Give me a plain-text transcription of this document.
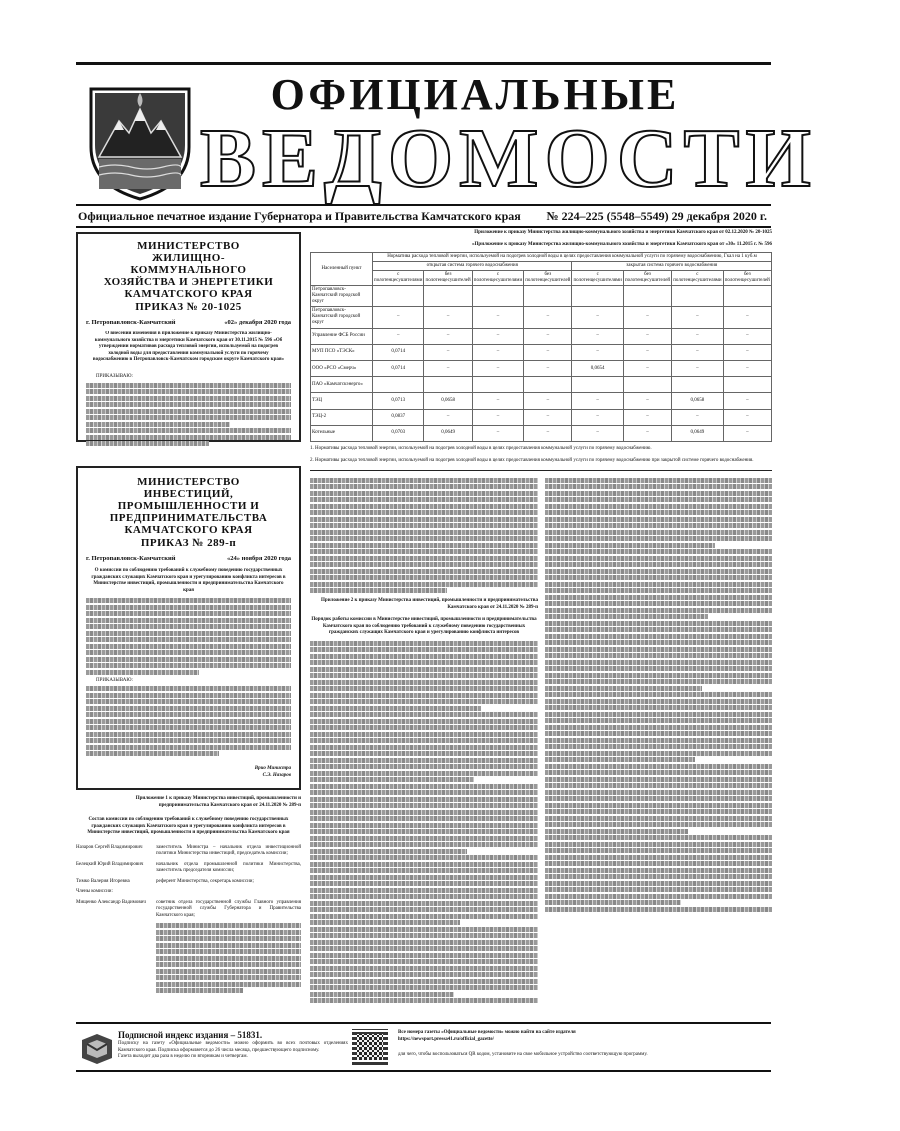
ОФИЦИАЛЬНЫЕ
ВЕДОМОСТИ
Официальное печатное издание Губернатора и Правительства Камчатского края № 224–225 (5548–5549) 29 декабря 2020 г.
МИНИСТЕРСТВО ЖИЛИЩНО-КОММУНАЛЬНОГО ХОЗЯЙСТВА И ЭНЕРГЕТИКИ КАМЧАТСКОГО КРАЯ
ПРИКАЗ № 20-1025
г. Петропавловск-Камчатский	«02» декабря 2020 года
О внесении изменения в приложение к приказу Министерства жилищно-коммунального хозяйства и энергетики Камчатского края от 30.11.2015 № 596 «Об утверждении нормативов расхода тепловой энергии, используемой на подогрев холодной воды для предоставления коммунальной услуги по горячему водоснабжению в Петропавловск-Камчатском городском округе Камчатского края»
ПРИКАЗЫВАЮ:
Приложение к приказу Министерства жилищно-коммунального хозяйства и энергетики Камчатского края от 02.12.2020 № 20-1025
«Приложение к приказу Министерства жилищно-коммунального хозяйства и энергетики Камчатского края от «30» 11.2015 г. № 596
Населенный пункт	Норматива расхода тепловой энергии, используемой на подогрев холодной воды в целях предоставления коммунальной услуги по горячему водоснабжению, Гкал на 1 куб.м							
	открытая система горячего водоснабжения				закрытая система горячего водоснабжения			
	с полотенцесушителями	без полотенцесушителей	с полотенцесушителями	без полотенцесушителей	с полотенцесушителями	без полотенцесушителей	с полотенцесушителями	без полотенцесушителей
Петропавловск-Камчатский городской округ								
Петропавловск-Камчатский городской округ	–	–	–	–	–	–	–	–
Управление ФСБ России	–	–	–	–	–	–	–	–
МУП ПСО «ТЭСК»	0,0714	–	–	–	–	–	–	–
ООО «РСО «Смерч»	0,0714	–	–	–	0,0654	–	–	–
ПАО «Камчатскэнерго»								
ТЭЦ	0,0713	0,0658	–	–	–	–	0,0658	–
ТЭЦ-2	0,0837	–	–	–	–	–	–	–
Котельные	0,0703	0,0649	–	–	–	–	0,0649	–
1. Нормативы расхода тепловой энергии, используемой на подогрев холодной воды в целях предоставления коммунальной услуги по горячему водоснабжению.
2. Нормативы расхода тепловой энергии, используемой на подогрев холодной воды в целях предоставления коммунальной услуги по горячему водоснабжению при закрытой системе горячего водоснабжения.
МИНИСТЕРСТВО ИНВЕСТИЦИЙ, ПРОМЫШЛЕННОСТИ И ПРЕДПРИНИМАТЕЛЬСТВА КАМЧАТСКОГО КРАЯ
ПРИКАЗ № 289-п
г. Петропавловск-Камчатский	«24» ноября 2020 года
О комиссии по соблюдению требований к служебному поведению государственных гражданских служащих Камчатского края и урегулированию конфликта интересов в Министерстве инвестиций, промышленности и предпринимательства Камчатского края
ПРИКАЗЫВАЮ:
Врио Министра
С.Э. Назаров
Приложение 1 к приказу Министерства инвестиций, промышленности и предпринимательства Камчатского края от 24.11.2020 № 289-п
Состав комиссии по соблюдению требований к служебному поведению государственных гражданских служащих Камчатского края и урегулированию конфликта интересов в Министерстве инвестиций, промышленности и предпринимательства Камчатского края
Назаров Сергей Владимирович	заместитель Министра – начальник отдела инвестиционной политики Министерства инвестиций, председатель комиссии;
Белецкий Юрий Владимирович	начальник отдела промышленной политики Министерства, заместитель председателя комиссии;
Тимко Валерия Игоревна	референт Министерства, секретарь комиссии;
Члены комиссии:
Мищенко Александр Вадимович	советник отдела государственной службы Главного управления государственной службы Губернатора и Правительства Камчатского края;
Приложение 2 к приказу Министерства инвестиций, промышленности и предпринимательства Камчатского края от 24.11.2020 № 289-п
Порядок работы комиссии в Министерстве инвестиций, промышленности и предпринимательства Камчатского края по соблюдению требований к служебному поведению государственных гражданских служащих Камчатского края и урегулированию конфликта интересов
Подписной индекс издания – 51831.
Подписку на газету «Официальные ведомости» можно оформить во всех почтовых отделениях Камчатского края. Подписка оформляется до 26 числа месяца, предшествующего подписному.
Газета выходит два раза в неделю по вторникам и четвергам.
Все номера газеты «Официальные ведомости» можно найти на сайте издателя
https://newsport.pressa41.ru/official_gazette/
для чего, чтобы воспользоваться QR кодом, установите на свое мобильное устройство соответствующую программу.
